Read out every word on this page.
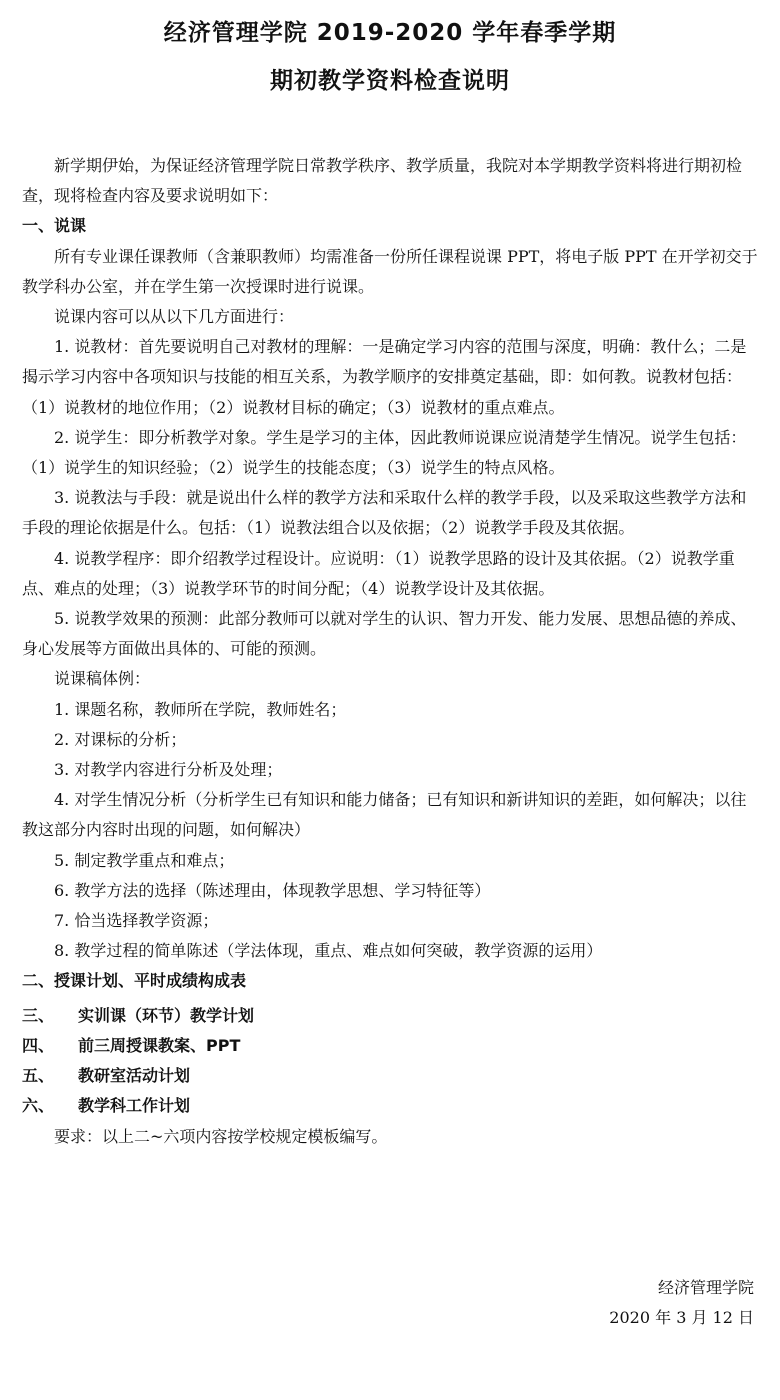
经济管理学院 2019-2020 学年春季学期
期初教学资料检查说明

新学期伊始，为保证经济管理学院日常教学秩序、教学质量，我院对本学期教学资料将进行期初检查，现将检查内容及要求说明如下：

一、说课

所有专业课任课教师（含兼职教师）均需准备一份所任课程说课 PPT，将电子版 PPT 在开学初交于教学科办公室，并在学生第一次授课时进行说课。

说课内容可以从以下几方面进行：

1. 说教材：首先要说明自己对教材的理解：一是确定学习内容的范围与深度，明确：教什么；二是揭示学习内容中各项知识与技能的相互关系，为教学顺序的安排奠定基础，即：如何教。说教材包括：（1）说教材的地位作用；（2）说教材目标的确定；（3）说教材的重点难点。

2. 说学生：即分析教学对象。学生是学习的主体，因此教师说课应说清楚学生情况。说学生包括：（1）说学生的知识经验；（2）说学生的技能态度；（3）说学生的特点风格。

3. 说教法与手段：就是说出什么样的教学方法和采取什么样的教学手段，以及采取这些教学方法和手段的理论依据是什么。包括：（1）说教法组合以及依据；（2）说教学手段及其依据。

4. 说教学程序：即介绍教学过程设计。应说明：（1）说教学思路的设计及其依据。（2）说教学重点、难点的处理；（3）说教学环节的时间分配；（4）说教学设计及其依据。

5. 说教学效果的预测：此部分教师可以就对学生的认识、智力开发、能力发展、思想品德的养成、身心发展等方面做出具体的、可能的预测。

说课稿体例：

1. 课题名称，教师所在学院，教师姓名；

2. 对课标的分析；

3. 对教学内容进行分析及处理；

4. 对学生情况分析（分析学生已有知识和能力储备；已有知识和新讲知识的差距，如何解决；以往教这部分内容时出现的问题，如何解决）

5. 制定教学重点和难点；

6. 教学方法的选择（陈述理由，体现教学思想、学习特征等）

7. 恰当选择教学资源；

8. 教学过程的简单陈述（学法体现，重点、难点如何突破，教学资源的运用）

二、授课计划、平时成绩构成表

三、 实训课（环节）教学计划

四、 前三周授课教案、PPT

五、 教研室活动计划

六、 教学科工作计划

要求：以上二~六项内容按学校规定模板编写。

经济管理学院
2020 年 3 月 12 日
